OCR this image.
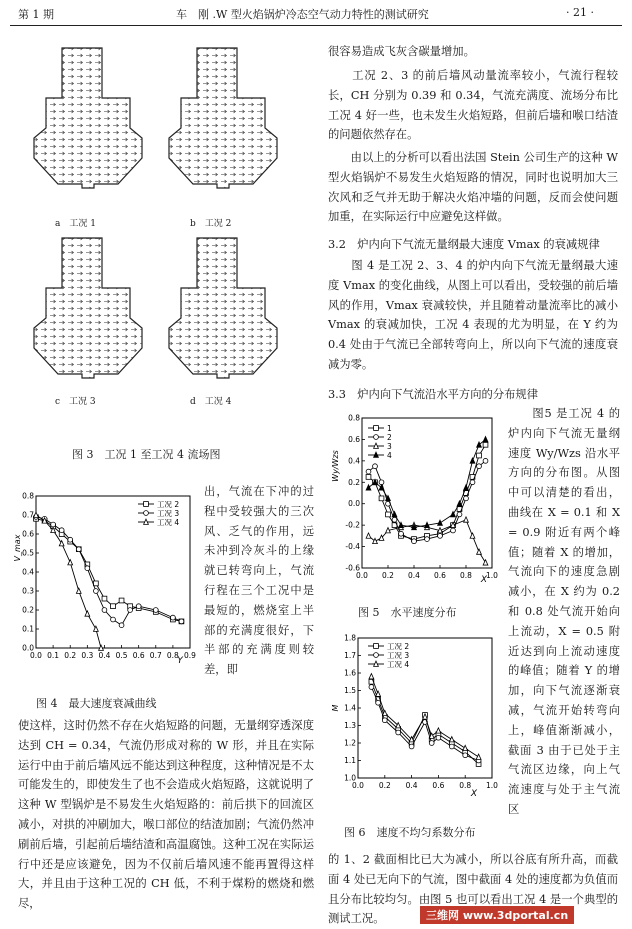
第 1 期	车　刚 .W 型火焰锅炉冷态空气动力特性的测试研究	· 21 ·
a　工况 1	b　工况 2
c　工况 3	d　工况 4
图 3　工况 1 至工况 4 流场图
0.0 0.1 0.2 0.3 0.4 0.5 0.6 0.7 0.8 0.9
0.0
0.1
0.2
0.3
0.4
0.5
0.6
0.7
0.8
Y
V_max
工况 2
工况 3
工况 4
图 4　最大速度衰减曲线
出，气流在下冲的过程中受较强大的三次风、乏气的作用，远未冲到冷灰斗的上缘就已转弯向上，气流行程在三个工况中是最短的，燃烧室上半部的充满度很好，下半部的充满度则较差，即
使这样，这时仍然不存在火焰短路的问题，无量纲穿透深度达到 CH = 0.34，气流仍形成对称的 W 形，并且在实际运行中由于前后墙风远不能达到这种程度，这种情况是不太可能发生的，即使发生了也不会造成火焰短路，这就说明了这种 W 型锅炉是不易发生火焰短路的：前后拱下的回流区减小，对拱的冲刷加大，喉口部位的结渣加剧；气流仍然冲刷前后墙，引起前后墙结渣和高温腐蚀。这种工况在实际运行中还是应该避免，因为不仅前后墙风速不能再置得这样大，并且由于这种工况的 CH 低，不利于煤粉的燃烧和燃尽，
很容易造成飞灰含碳量增加。
　　工况 2、3 的前后墙风动量流率较小，气流行程较长，CH 分别为 0.39 和 0.34，气流充满度、流场分布比工况 4 好一些，也未发生火焰短路，但前后墙和喉口结渣的问题依然存在。
　　由以上的分析可以看出法国 Stein 公司生产的这种 W 型火焰锅炉不易发生火焰短路的情况，同时也说明加大三次风和乏气并无助于解决火焰冲墙的问题，反而会使问题加重，在实际运行中应避免这样做。
3.2　炉内向下气流无量纲最大速度 Vmax 的衰减规律
　　图 4 是工况 2、3、4 的炉内向下气流无量纲最大速度 Vmax 的变化曲线，从图上可以看出，受较强的前后墙风的作用，Vmax 衰减较快，并且随着动量流率比的减小 Vmax 的衰减加快，工况 4 表现的尤为明显，在 Y 约为 0.4 处由于气流已全部转弯向上，所以向下气流的速度衰减为零。
3.3　炉内向下气流沿水平方向的分布规律
0.0 0.2 0.4 0.6 0.8 1.0
-0.6
-0.4
-0.2
0.0
0.2
0.4
0.6
0.8
X
Wy/Wzs
1
2
3
4
图 5　水平速度分布
0.0 0.2 0.4 0.6 0.8 1.0
1.0
1.1
1.2
1.3
1.4
1.5
1.6
1.7
1.8
X
M
工况 2
工况 3
工况 4
图 6　速度不均匀系数分布
　　图5 是工况 4 的炉内向下气流无量纲速度 Wy/Wzs 沿水平方向的分布图。从图中可以清楚的看出，曲线在 X = 0.1 和 X = 0.9 附近有两个峰值；随着 X 的增加，气流向下的速度急剧减小，在 X 约为 0.2 和 0.8 处气流开始向上流动，X = 0.5 附近达到向上流动速度的峰值；随着 Y 的增加，向下气流逐渐衰减，气流开始转弯向上，峰值渐渐减小，截面 3 由于已处于主气流区边缘，向上气流速度与处于主气流区
的 1、2 截面相比已大为减小，所以谷底有所升高，而截面 4 处已无向下的气流，图中截面 4 处的速度都为负值而且分布比较均匀。由图 5 也可以看出工况 4 是一个典型的测试工况。	三维网 www.3dportal.cn
